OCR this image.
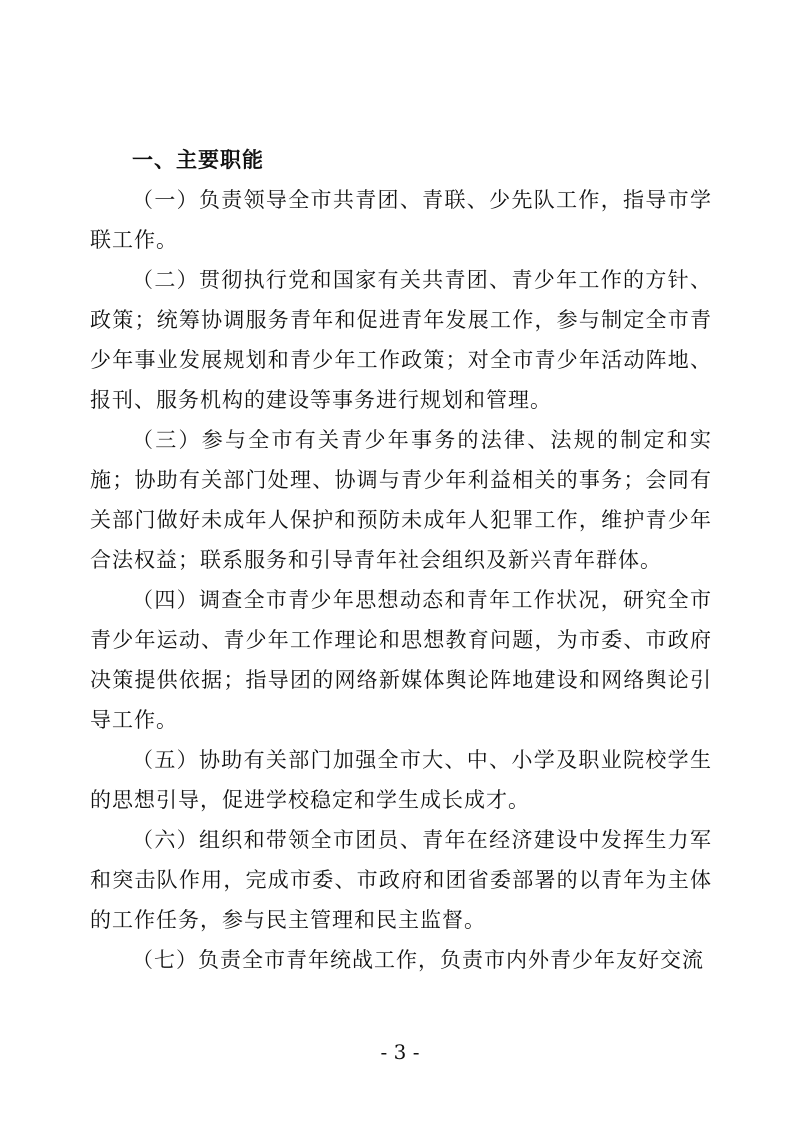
一、主要职能

（一）负责领导全市共青团、青联、少先队工作，指导市学联工作。

（二）贯彻执行党和国家有关共青团、青少年工作的方针、政策；统筹协调服务青年和促进青年发展工作，参与制定全市青少年事业发展规划和青少年工作政策；对全市青少年活动阵地、报刊、服务机构的建设等事务进行规划和管理。

（三）参与全市有关青少年事务的法律、法规的制定和实施；协助有关部门处理、协调与青少年利益相关的事务；会同有关部门做好未成年人保护和预防未成年人犯罪工作，维护青少年合法权益；联系服务和引导青年社会组织及新兴青年群体。

（四）调查全市青少年思想动态和青年工作状况，研究全市青少年运动、青少年工作理论和思想教育问题，为市委、市政府决策提供依据；指导团的网络新媒体舆论阵地建设和网络舆论引导工作。

（五）协助有关部门加强全市大、中、小学及职业院校学生的思想引导，促进学校稳定和学生成长成才。

（六）组织和带领全市团员、青年在经济建设中发挥生力军和突击队作用，完成市委、市政府和团省委部署的以青年为主体的工作任务，参与民主管理和民主监督。

（七）负责全市青年统战工作，负责市内外青少年友好交流

- 3 -
